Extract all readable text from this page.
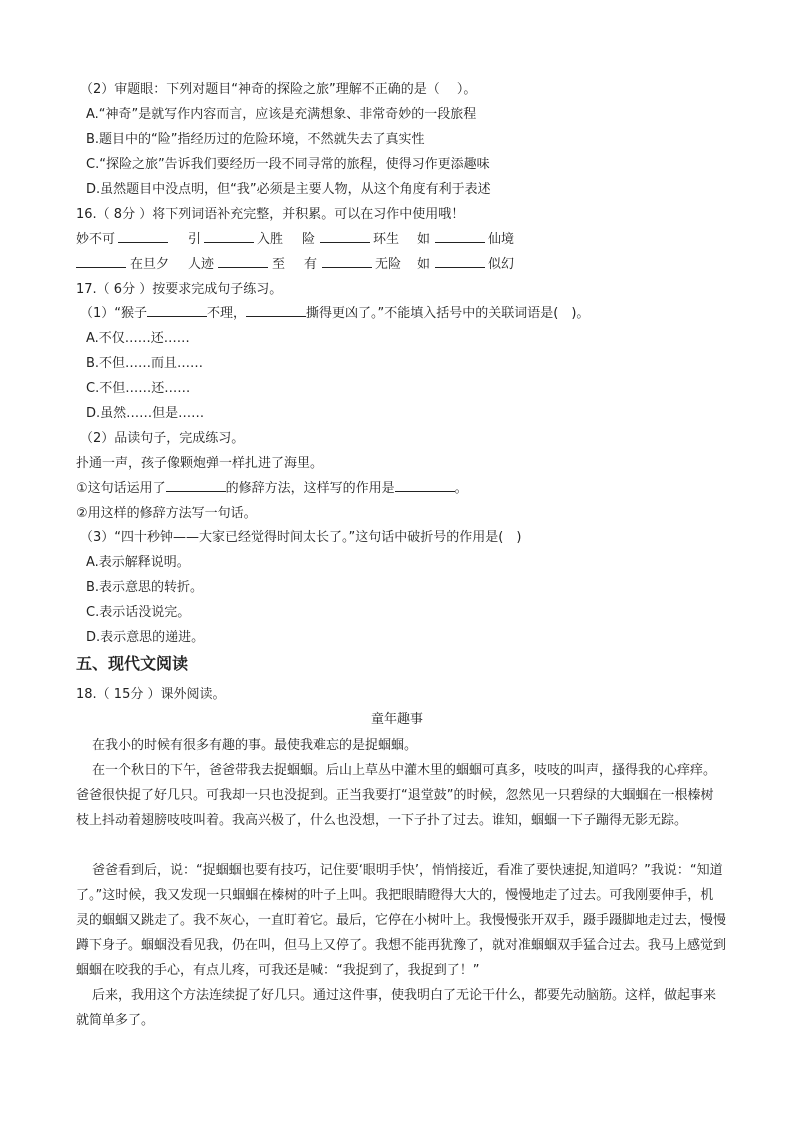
（2）审题眼：下列对题目“神奇的探险之旅”理解不正确的是（　 ）。
A.“神奇”是就写作内容而言，应该是充满想象、非常奇妙的一段旅程
B.题目中的“险”指经历过的危险环境，不然就失去了真实性
C.“探险之旅”告诉我们要经历一段不同寻常的旅程，使得习作更添趣味
D.虽然题目中没点明，但“我”必须是主要人物，从这个角度有利于表述
16.（ 8分 ）将下列词语补充完整，并积累。可以在习作中使用哦！
妙不可	引	入胜 险	环生 如	仙境
在旦夕 人迹	至 有	无险 如	似幻
17.（ 6分 ）按要求完成句子练习。
（1）“猴子	不理，	撕得更凶了。”不能填入括号中的关联词语是(　)。
A.不仅……还……
B.不但……而且……
C.不但……还……
D.虽然……但是……
（2）品读句子，完成练习。
扑通一声，孩子像颗炮弹一样扎进了海里。
①这句话运用了	的修辞方法，这样写的作用是	。
②用这样的修辞方法写一句话。
（3）“四十秒钟——大家已经觉得时间太长了。”这句话中破折号的作用是(　)
A.表示解释说明。
B.表示意思的转折。
C.表示话没说完。
D.表示意思的递进。
五、现代文阅读
18.（ 15分 ）课外阅读。
童年趣事
在我小的时候有很多有趣的事。最使我难忘的是捉蝈蝈。
在一个秋日的下午，爸爸带我去捉蝈蝈。后山上草丛中灌木里的蝈蝈可真多，吱吱的叫声，搔得我的心痒痒。爸爸很快捉了好几只。可我却一只也没捉到。正当我要打“退堂鼓”的时候，忽然见一只碧绿的大蝈蝈在一根榛树枝上抖动着翅膀吱吱叫着。我高兴极了，什么也没想，一下子扑了过去。谁知，蝈蝈一下子蹦得无影无踪。
爸爸看到后，说：“捉蝈蝈也要有技巧，记住要‘眼明手快’，悄悄接近，看准了要快速捉,知道吗？”我说：“知道了。”这时候，我又发现一只蝈蝈在榛树的叶子上叫。我把眼睛瞪得大大的，慢慢地走了过去。可我刚要伸手，机灵的蝈蝈又跳走了。我不灰心，一直盯着它。最后，它停在小树叶上。我慢慢张开双手，蹑手蹑脚地走过去，慢慢蹲下身子。蝈蝈没看见我，仍在叫，但马上又停了。我想不能再犹豫了，就对准蝈蝈双手猛合过去。我马上感觉到蝈蝈在咬我的手心，有点儿疼，可我还是喊：“我捉到了，我捉到了！”
后来，我用这个方法连续捉了好几只。通过这件事，使我明白了无论干什么，都要先动脑筋。这样，做起事来就简单多了。
